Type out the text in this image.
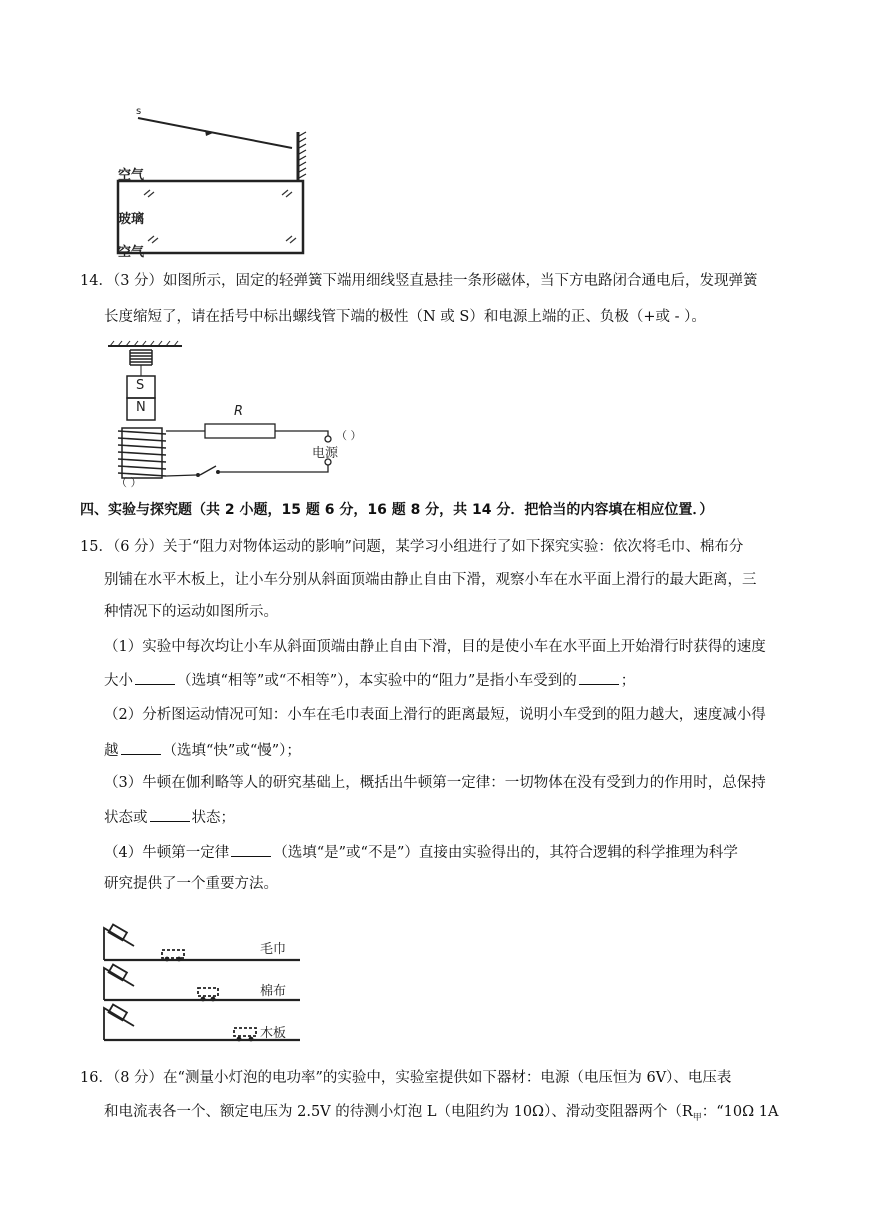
s
空气
玻璃
空气
14．（3 分）如图所示，固定的轻弹簧下端用细线竖直悬挂一条形磁体，当下方电路闭合通电后，发现弹簧
长度缩短了，请在括号中标出螺线管下端的极性（N 或 S）和电源上端的正、负极（+或 - ）。
S
N	R
电源
（ ）
（ ）
四、实验与探究题（共 2 小题，15 题 6 分，16 题 8 分，共 14 分．把恰当的内容填在相应位置．）
15．（6 分）关于“阻力对物体运动的影响”问题，某学习小组进行了如下探究实验：依次将毛巾、棉布分
别铺在水平木板上，让小车分别从斜面顶端由静止自由下滑，观察小车在水平面上滑行的最大距离，三
种情况下的运动如图所示。
（1）实验中每次均让小车从斜面顶端由静止自由下滑，目的是使小车在水平面上开始滑行时获得的速度
大小	（选填“相等”或“不相等”），本实验中的“阻力”是指小车受到的	；
（2）分析图运动情况可知：小车在毛巾表面上滑行的距离最短，说明小车受到的阻力越大，速度减小得
越	（选填“快”或“慢”）；
（3）牛顿在伽利略等人的研究基础上，概括出牛顿第一定律：一切物体在没有受到力的作用时，总保持
状态或	状态；
（4）牛顿第一定律	（选填“是”或“不是”）直接由实验得出的，其符合逻辑的科学推理为科学
研究提供了一个重要方法。
毛巾
棉布
木板
16．（8 分）在“测量小灯泡的电功率”的实验中，实验室提供如下器材：电源（电压恒为 6V）、电压表
和电流表各一个、额定电压为 2.5V 的待测小灯泡 L（电阻约为 10Ω）、滑动变阻器两个（$R_甲$：“10Ω 1A
